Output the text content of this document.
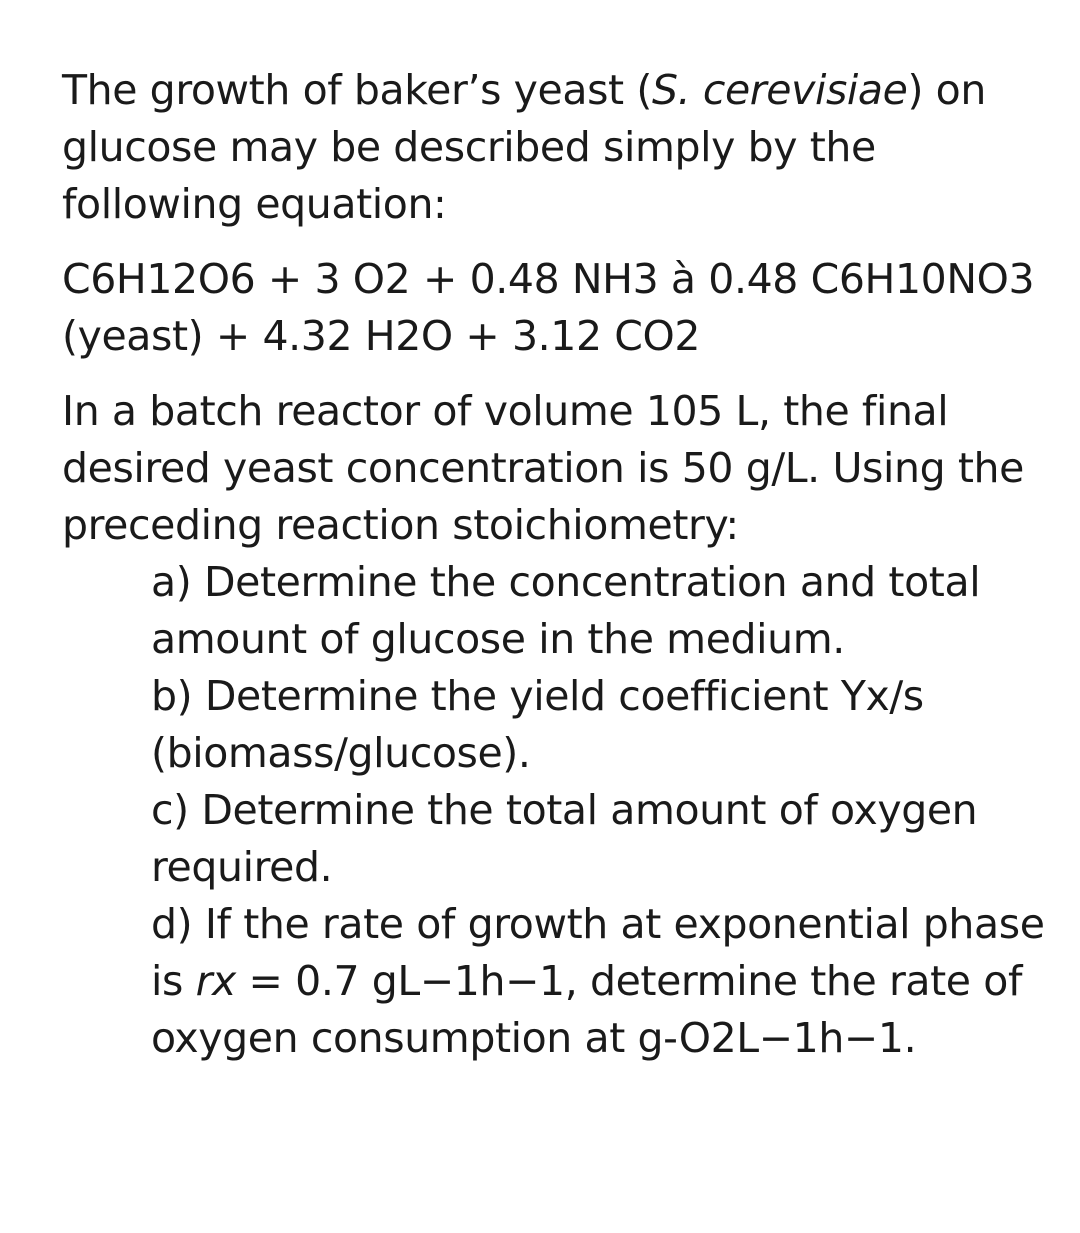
The growth of baker’s yeast (S. cerevisiae) on glucose may be described simply by the following equation:

C6H12O6 + 3 O2 + 0.48 NH3 à 0.48 C6H10NO3 (yeast) + 4.32 H2O + 3.12 CO2

In a batch reactor of volume 105 L, the final desired yeast concentration is 50 g/L. Using the preceding reaction stoichiometry:

a) Determine the concentration and total amount of glucose in the medium.

b) Determine the yield coefficient Yx/s (biomass/glucose).

c) Determine the total amount of oxygen required.

d) If the rate of growth at exponential phase is rx = 0.7 gL−1h−1, determine the rate of oxygen consumption at g-O2L−1h−1.
